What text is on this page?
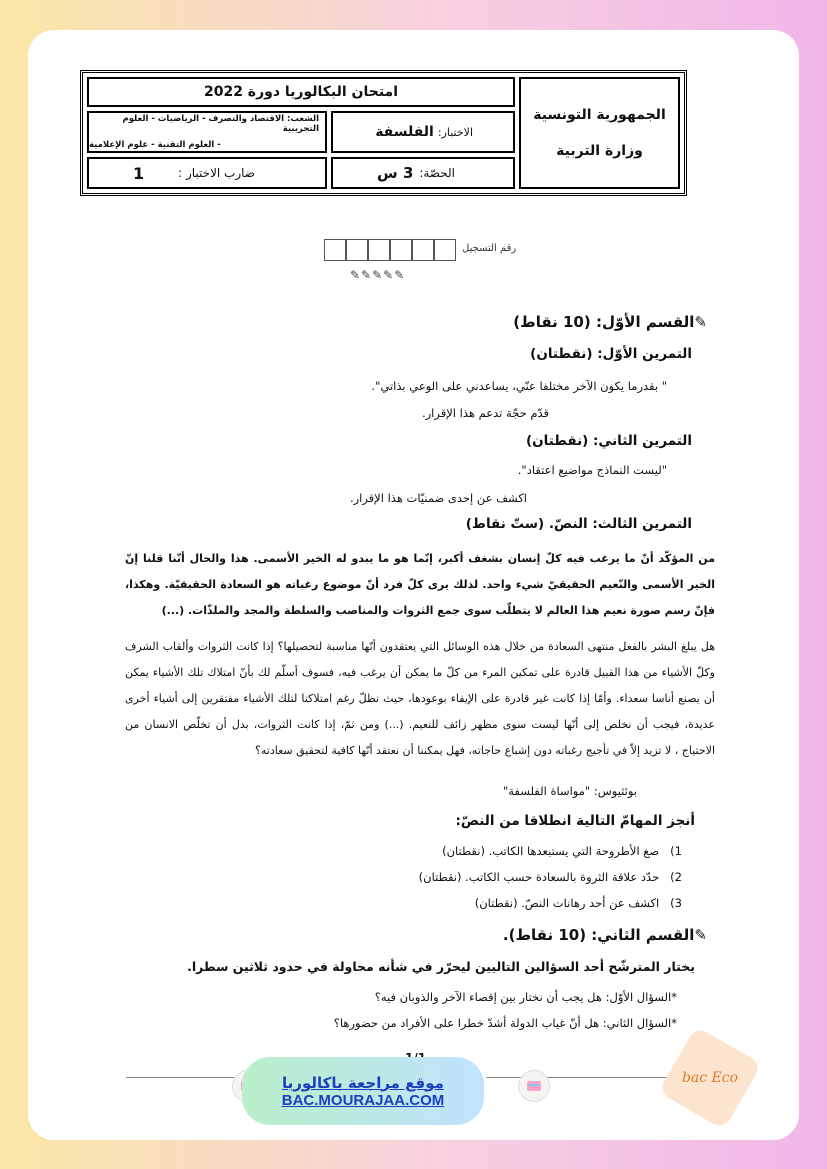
امتحان البكالوريا دورة 2022
الجمهورية التونسية
وزارة التربية
الشعب: الاقتصاد والتصرف - الرياضيات - العلوم التجريبية
- العلوم التقنية - علوم الإعلامية
الاختبار:
الفلسفة
ضارب الاختبار :
1	الحصّة:
3 س
رقم التسجيل
✎✎✎✎✎
✎القسم الأوّل: (10 نقاط)
التمرين الأوّل: (نقطتان)
" بقدرما يكون الآخر مختلفا عنّي، يساعدني على الوعي بذاتي".
قدّم حجّة تدعم هذا الإقرار.
التمرين الثاني: (نقطتان)
"ليست النماذج مواضيع اعتقاد".
اكشف عن إحدى ضمنيّات هذا الإقرار.
التمرين الثالث: النصّ. (ستّ نقاط)
من المؤكّد أنّ ما يرغب فيه كلّ إنسان بشغف أكبر، إنّما هو ما يبدو له الخير الأسمى. هذا والحال أنّنا قلنا إنّ الخير الأسمى والنّعيم الحقيقيّ شيء واحد. لذلك يرى كلّ فرد أنّ موضوع رغباته هو السعادة الحقيقيّة. وهكذا، فإنّ رسم صورة نعيم هذا العالم لا يتطلّب سوى جمع الثروات والمناصب والسلطة والمجد والملذّات. (...)
هل يبلغ البشر بالفعل منتهى السعادة من خلال هذه الوسائل التي يعتقدون أنّها مناسبة لتحصيلها؟ إذا كانت الثروات وألقاب الشرف وكلّ الأشياء من هذا القبيل قادرة على تمكين المرء من كلّ ما يمكن أن يرغب فيه، فسوف أسلّم لك بأنّ امتلاك تلك الأشياء يمكن أن يصنع أناسا سعداء. وأمّا إذا كانت غير قادرة على الإيفاء بوعودها، حيث نظلّ رغم امتلاكنا لتلك الأشياء مفتقرين إلى أشياء أخرى عديدة، فيجب أن نخلص إلى أنّها ليست سوى مظهر زائف للنعيم. (...) ومن ثمّ، إذا كانت الثروات، بدل أن تخلّص الانسان من الاحتياج ، لا تزيد إلاّ في تأجيج رغباته دون إشباع حاجاته، فهل يمكننا أن نعتقد أنّها كافية لتحقيق سعادته؟
بوئثيوس: "مواساة الفلسفة"
أنجز المهامّ التالية انطلاقا من النصّ:
1)   صغ الأطروحة التي يستبعدها الكاتب. (نقطتان)
2)   حدّد علاقة الثروة بالسعادة حسب الكاتب. (نقطتان)
3)   اكشف عن أحد رهانات النصّ. (نقطتان)
✎القسم الثاني: (10 نقاط).
يختار المترشّح أحد السؤالين التاليين ليحرّر في شأنه محاولة في حدود ثلاثين سطرا.
*السؤال الأوّل: هل يجب أن نختار بين إقصاء الآخر والذوبان فيه؟
*السؤال الثاني: هل أنّ غياب الدولة أشدّ خطرا على الأفراد من حضورها؟
موقع مراجعة باكالوريا
BAC.MOURAJAA.COM
bac Eco
